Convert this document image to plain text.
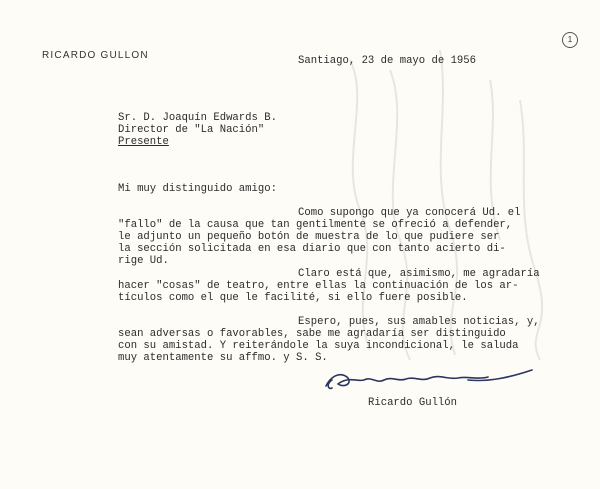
RICARDO GULLON
1
Santiago, 23 de mayo de 1956
Sr. D. Joaquín Edwards B.
Director de "La Nación"
Presente
Mi muy distinguido amigo:
Como supongo que ya conocerá Ud. el
"fallo" de la causa que tan gentilmente se ofreció a defender,
le adjunto un pequeño botón de muestra de lo que pudiere ser
la sección solicitada en esa diario que con tanto acierto di-
rige Ud.
Claro está que, asimismo, me agradaría
hacer "cosas" de teatro, entre ellas la continuación de los ar-
tículos como el que le facilité, si ello fuere posible.
Espero, pues, sus amables noticias, y,
sean adversas o favorables, sabe me agradaría ser distinguido
con su amistad. Y reiterándole la suya incondicional, le saluda
muy atentamente su affmo. y S. S.
Ricardo Gullón
